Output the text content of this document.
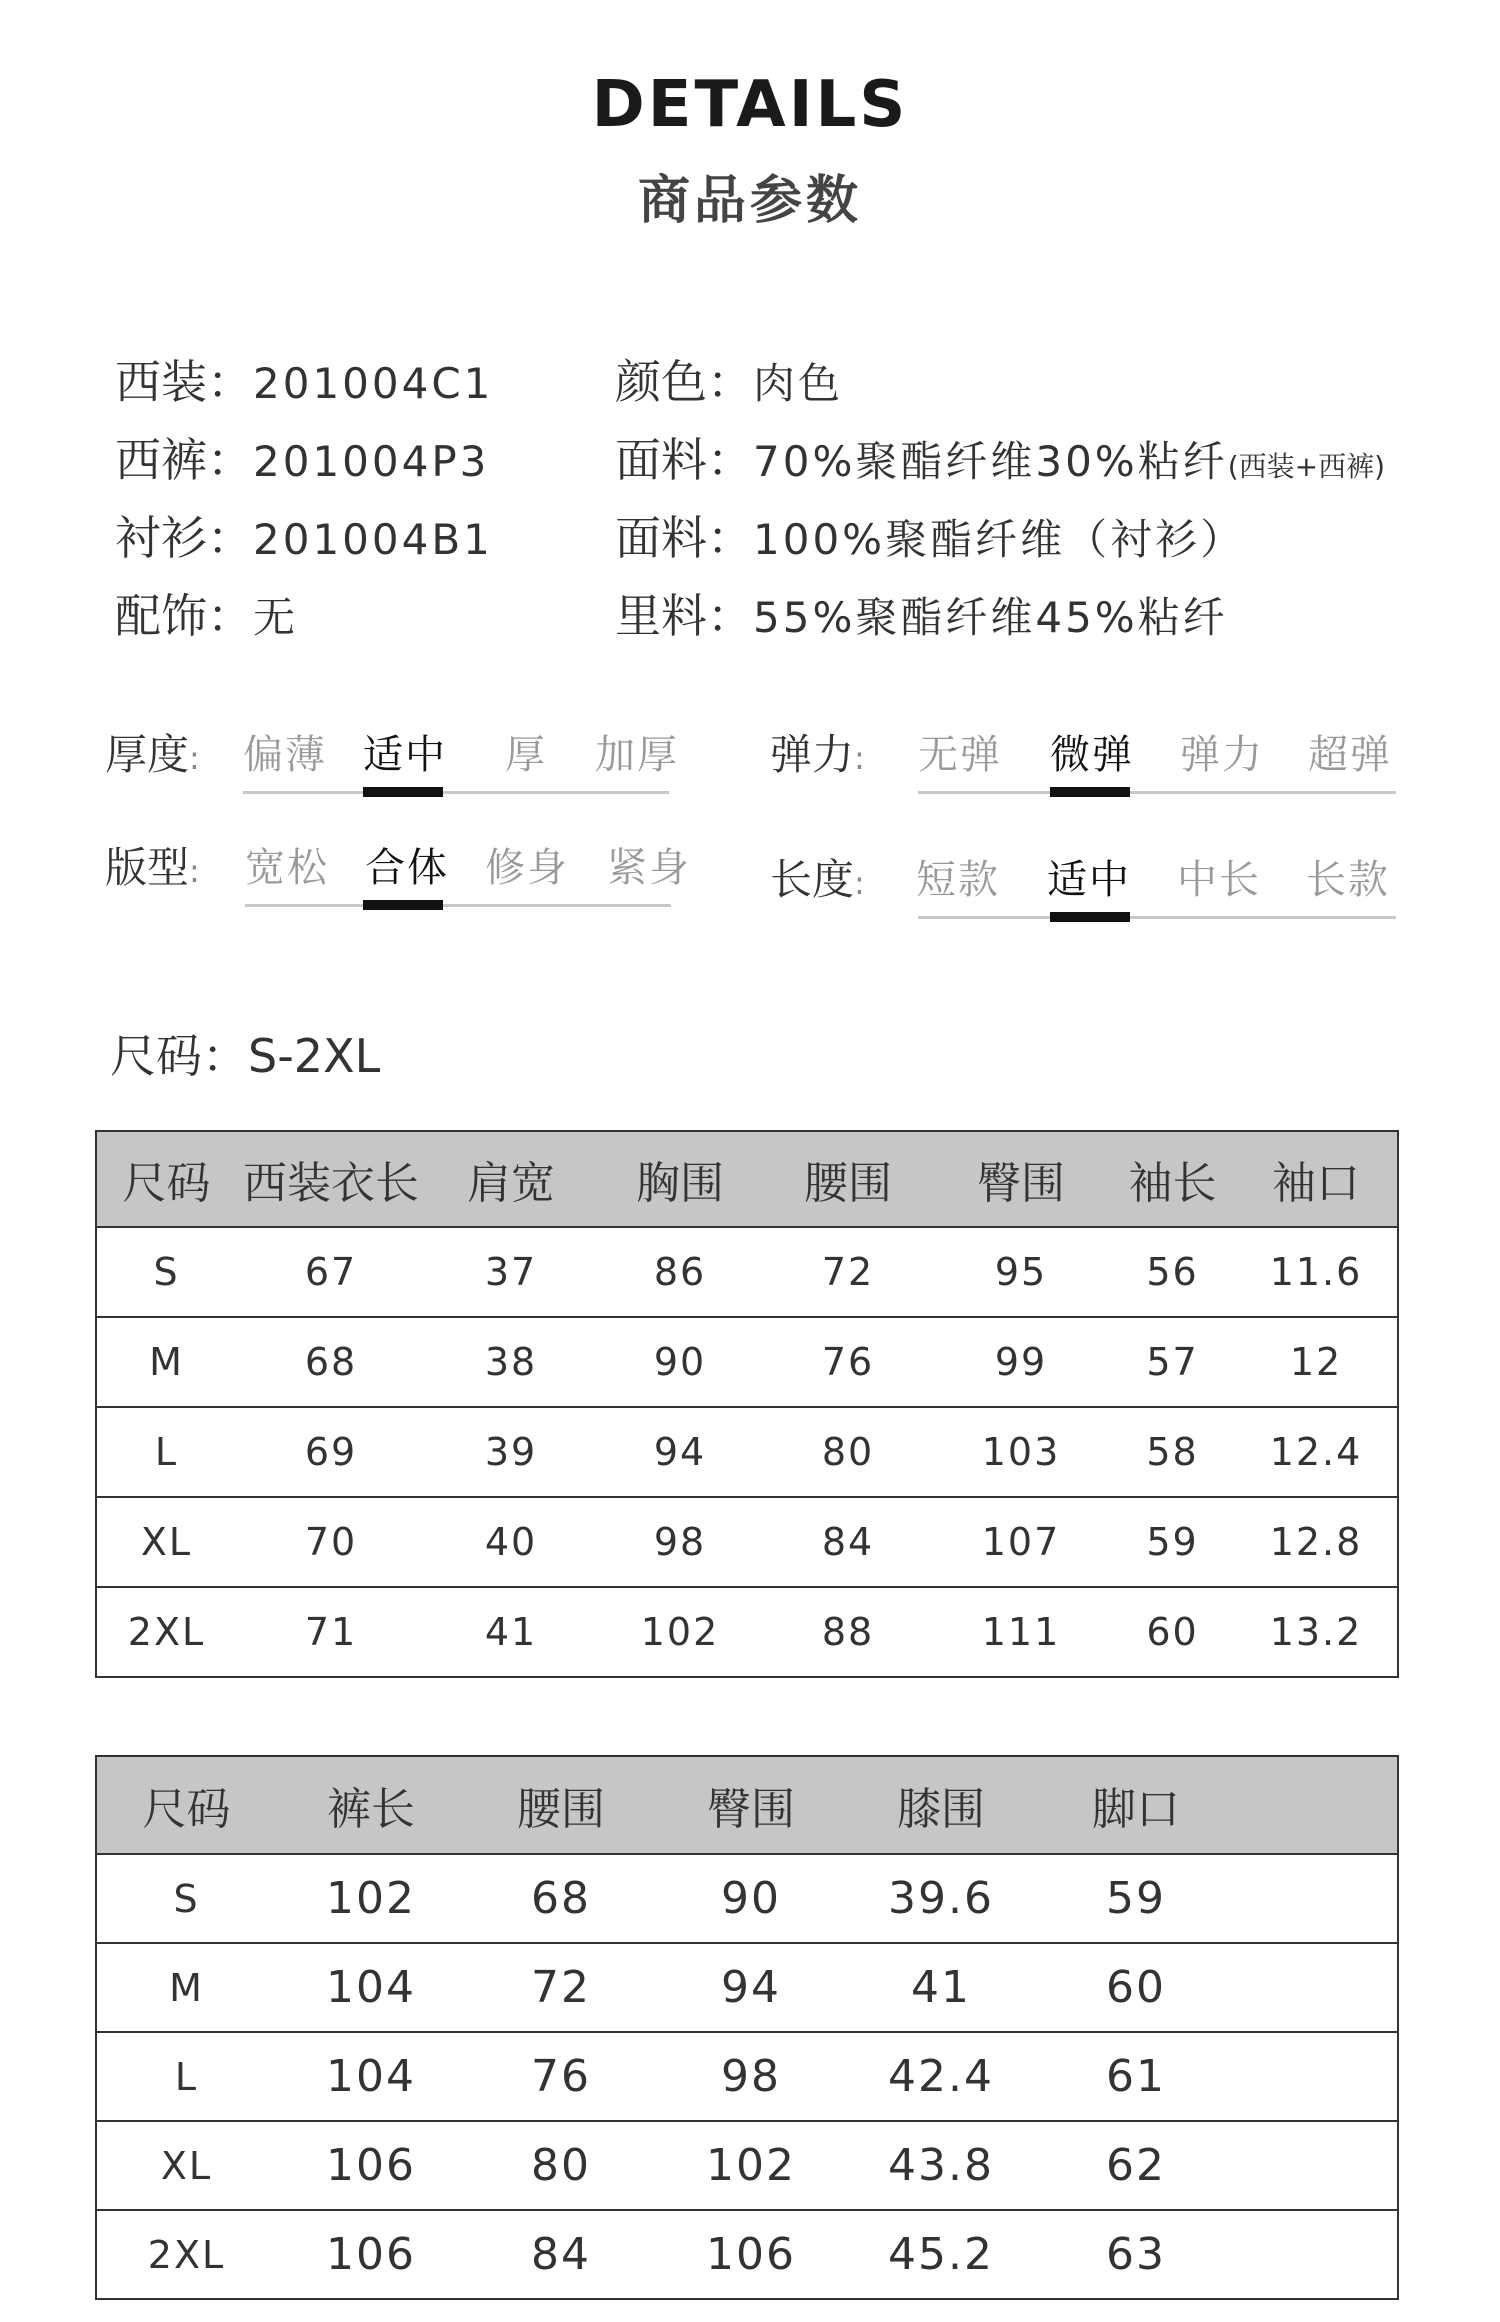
DETAILS
商品参数
西装：201004C1
西裤：201004P3
衬衫：201004B1
配饰：无
颜色：肉色
面料：70%聚酯纤维30%粘纤(西装+西裤)
面料：100%聚酯纤维（衬衫）
里料：55%聚酯纤维45%粘纤
厚度: 偏薄 适中 厚 加厚 弹力: 无弹 微弹 弹力 超弹
版型: 宽松 合体 修身 紧身 长度: 短款 适中 中长 长款
尺码：S-2XL
尺码	西装衣长	肩宽	胸围	腰围	臀围	袖长	袖口
S	67	37	86	72	95	56	11.6
M	68	38	90	76	99	57	12
L	69	39	94	80	103	58	12.4
XL	70	40	98	84	107	59	12.8
2XL	71	41	102	88	111	60	13.2
尺码	裤长	腰围	臀围	膝围	脚口	
S	102	68	90	39.6	59	
M	104	72	94	41	60	
L	104	76	98	42.4	61	
XL	106	80	102	43.8	62	
2XL	106	84	106	45.2	63	
